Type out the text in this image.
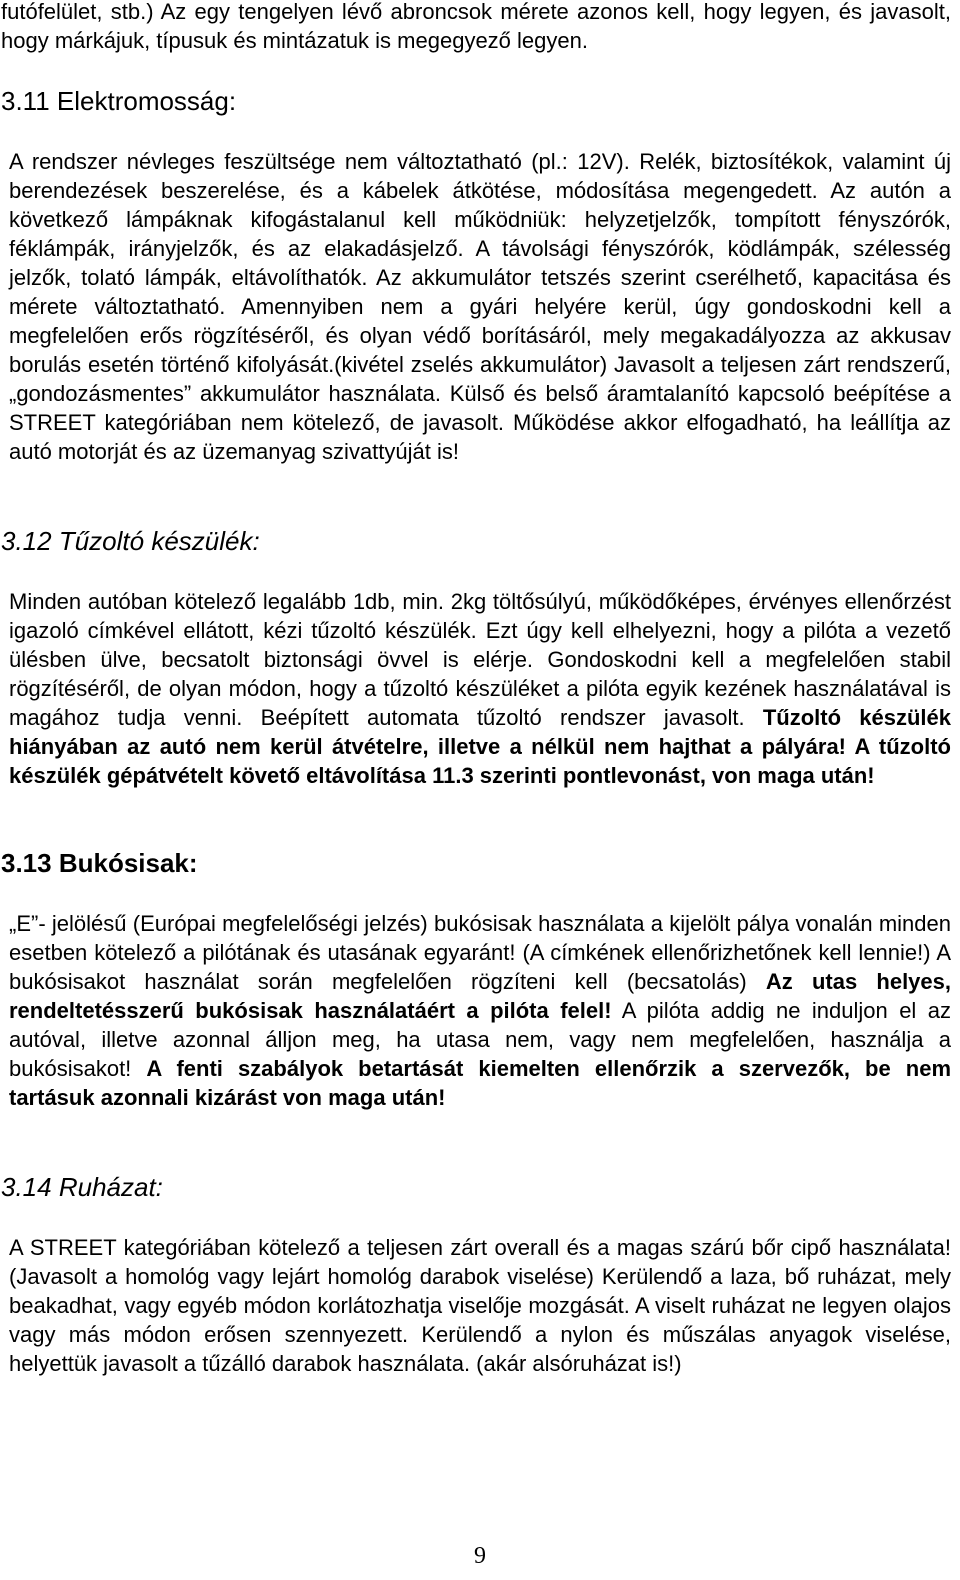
futófelület, stb.) Az egy tengelyen lévő abroncsok mérete azonos kell, hogy legyen, és javasolt, hogy márkájuk, típusuk és mintázatuk is megegyező legyen.
3.11 Elektromosság:
A rendszer névleges feszültsége nem változtatható (pl.: 12V). Relék, biztosítékok, valamint új berendezések beszerelése, és a kábelek átkötése, módosítása megengedett. Az autón a következő lámpáknak kifogástalanul kell működniük: helyzetjelzők, tompított fényszórók, féklámpák, irányjelzők, és az elakadásjelző. A távolsági fényszórók, ködlámpák, szélesség jelzők, tolató lámpák, eltávolíthatók. Az akkumulátor tetszés szerint cserélhető, kapacitása és mérete változtatható. Amennyiben nem a gyári helyére kerül, úgy gondoskodni kell a megfelelően erős rögzítéséről, és olyan védő borításáról, mely megakadályozza az akkusav borulás esetén történő kifolyását.(kivétel zselés akkumulátor) Javasolt a teljesen zárt rendszerű, „gondozásmentes” akkumulátor használata. Külső és belső áramtalanító kapcsoló beépítése a STREET kategóriában nem kötelező, de javasolt. Működése akkor elfogadható, ha leállítja az autó motorját és az üzemanyag szivattyúját is!
3.12 Tűzoltó készülék:
Minden autóban kötelező legalább 1db, min. 2kg töltősúlyú, működőképes, érvényes ellenőrzést igazoló címkével ellátott, kézi tűzoltó készülék. Ezt úgy kell elhelyezni, hogy a pilóta a vezető ülésben ülve, becsatolt biztonsági övvel is elérje. Gondoskodni kell a megfelelően stabil rögzítéséről, de olyan módon, hogy a tűzoltó készüléket a pilóta egyik kezének használatával is magához tudja venni. Beépített automata tűzoltó rendszer javasolt. Tűzoltó készülék hiányában az autó nem kerül átvételre, illetve a nélkül nem hajthat a pályára! A tűzoltó készülék gépátvételt követő eltávolítása 11.3 szerinti pontlevonást, von maga után!
3.13 Bukósisak:
„E”- jelölésű (Európai megfelelőségi jelzés) bukósisak használata a kijelölt pálya vonalán minden esetben kötelező a pilótának és utasának egyaránt! (A címkének ellenőrizhetőnek kell lennie!) A bukósisakot használat során megfelelően rögzíteni kell (becsatolás) Az utas helyes, rendeltetésszerű bukósisak használatáért a pilóta felel! A pilóta addig ne induljon el az autóval, illetve azonnal álljon meg, ha utasa nem, vagy nem megfelelően, használja a bukósisakot! A fenti szabályok betartását kiemelten ellenőrzik a szervezők, be nem tartásuk azonnali kizárást von maga után!
3.14 Ruházat:
A STREET kategóriában kötelező a teljesen zárt overall és a magas szárú bőr cipő használata! (Javasolt a homológ vagy lejárt homológ darabok viselése) Kerülendő a laza, bő ruházat, mely beakadhat, vagy egyéb módon korlátozhatja viselője mozgását. A viselt ruházat ne legyen olajos vagy más módon erősen szennyezett. Kerülendő a nylon és műszálas anyagok viselése, helyettük javasolt a tűzálló darabok használata. (akár alsóruházat is!)
9
